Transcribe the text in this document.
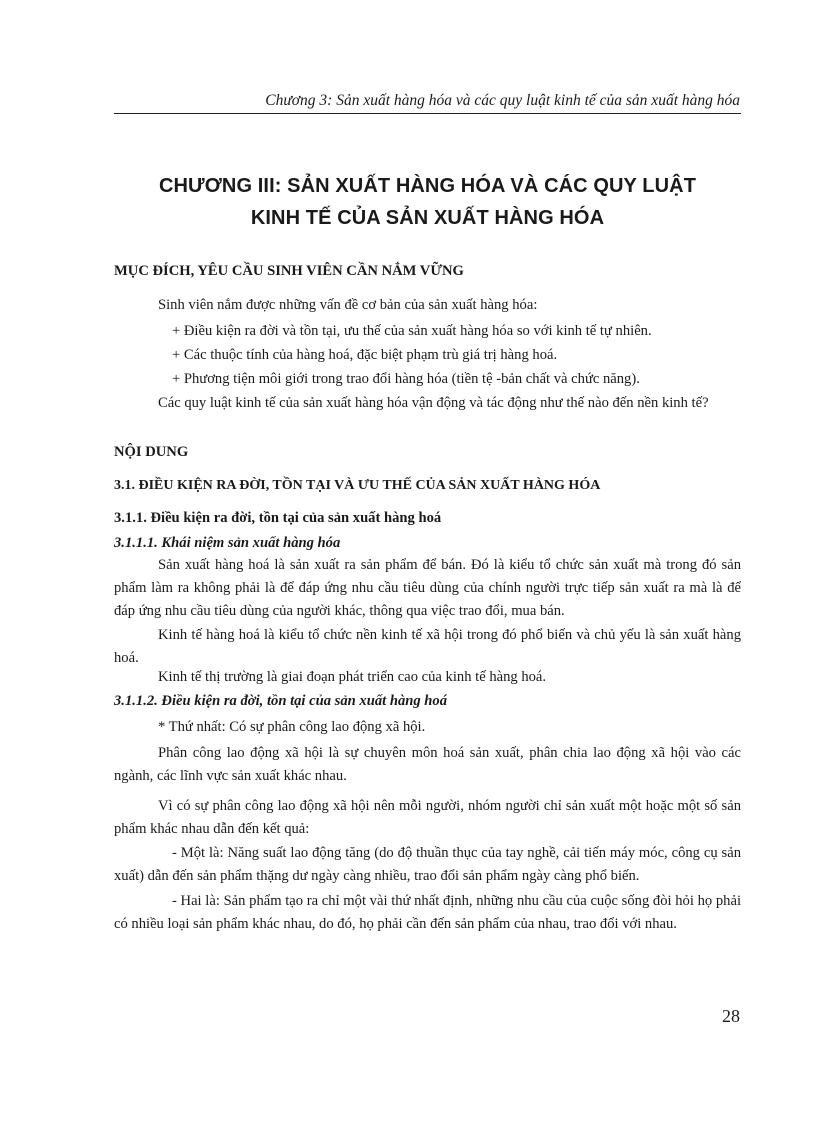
Chương 3: Sản xuất hàng hóa và các quy luật kinh tế của sản xuất hàng hóa
CHƯƠNG III: SẢN XUẤT HÀNG HÓA VÀ CÁC QUY LUẬT
KINH TẾ CỦA SẢN XUẤT HÀNG HÓA
MỤC ĐÍCH, YÊU CẦU SINH VIÊN CẦN NẮM VỮNG
Sinh viên nắm được những vấn đề cơ bản của sản xuất hàng hóa:
+ Điều kiện ra đời và tồn tại, ưu thế của sản xuất hàng hóa so với kinh tế tự nhiên.
+ Các thuộc tính của hàng hoá, đặc biệt phạm trù giá trị hàng hoá.
+ Phương tiện môi giới trong trao đổi hàng hóa (tiền tệ -bản chất và chức năng).
Các quy luật kinh tế của sản xuất hàng hóa vận động và tác động như thế nào đến nền kinh tế?
NỘI DUNG
3.1. ĐIỀU KIỆN RA ĐỜI, TỒN TẠI VÀ ƯU THẾ CỦA SẢN XUẤT HÀNG HÓA
3.1.1. Điều kiện ra đời, tồn tại của sản xuất hàng hoá
3.1.1.1. Khái niệm sản xuất hàng hóa
Sản xuất hàng hoá là sản xuất ra sản phẩm để bán. Đó là kiểu tổ chức sản xuất mà trong đó sản phẩm làm ra không phải là để đáp ứng nhu cầu tiêu dùng của chính người trực tiếp sản xuất ra mà là để đáp ứng nhu cầu tiêu dùng của người khác, thông qua việc trao đổi, mua bán.
Kinh tế hàng hoá là kiểu tổ chức nền kinh tế xã hội trong đó phổ biến và chủ yếu là sản xuất hàng hoá.
Kinh tế thị trường là giai đoạn phát triển cao của kinh tế hàng hoá.
3.1.1.2. Điều kiện ra đời, tồn tại của sản xuất hàng hoá
* Thứ nhất: Có sự phân công lao động xã hội.
Phân công lao động xã hội là sự chuyên môn hoá sản xuất, phân chia lao động xã hội vào các ngành, các lĩnh vực sản xuất khác nhau.
Vì có sự phân công lao động xã hội nên mỗi người, nhóm người chỉ sản xuất một hoặc một số sản phẩm khác nhau dẫn đến kết quả:
- Một là: Năng suất lao động tăng (do độ thuần thục của tay nghề, cải tiến máy móc, công cụ sản xuất) dẫn đến sản phẩm thặng dư ngày càng nhiều, trao đổi sản phẩm ngày càng phổ biến.
- Hai là: Sản phẩm tạo ra chỉ một vài thứ nhất định, những nhu cầu của cuộc sống đòi hỏi họ phải có nhiều loại sản phẩm khác nhau, do đó, họ phải cần đến sản phẩm của nhau, trao đổi với nhau.
28
